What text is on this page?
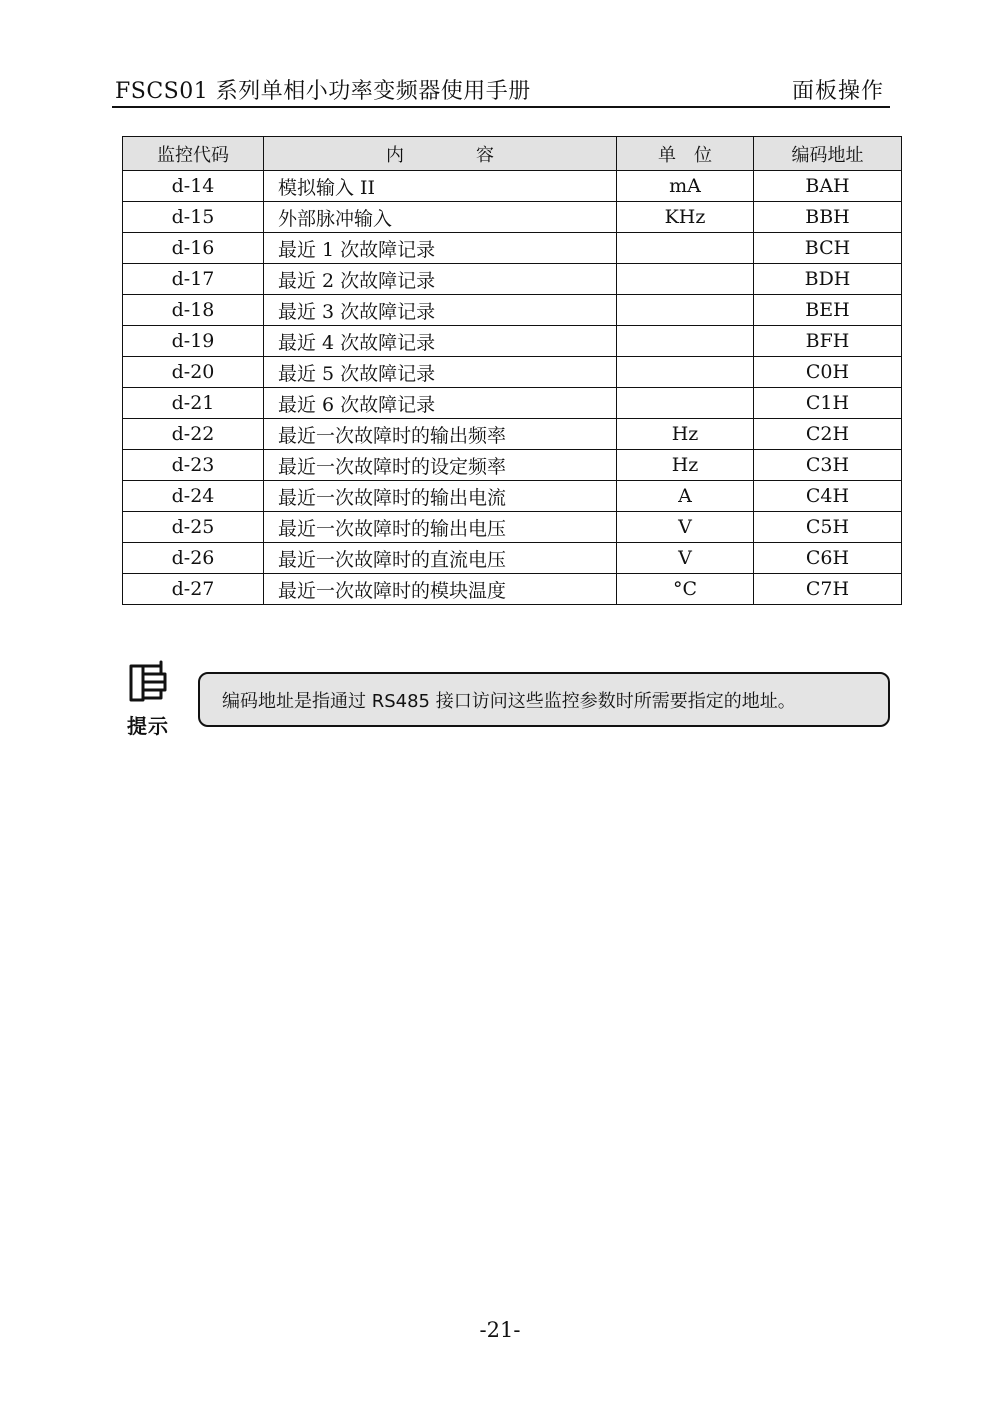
FSCS01 系列单相小功率变频器使用手册	面板操作
监控代码	内　　　　容	单　位	编码地址
d-14	模拟输入 II	mA	BAH
d-15	外部脉冲输入	KHz	BBH
d-16	最近 1 次故障记录		BCH
d-17	最近 2 次故障记录		BDH
d-18	最近 3 次故障记录		BEH
d-19	最近 4 次故障记录		BFH
d-20	最近 5 次故障记录		C0H
d-21	最近 6 次故障记录		C1H
d-22	最近一次故障时的输出频率	Hz	C2H
d-23	最近一次故障时的设定频率	Hz	C3H
d-24	最近一次故障时的输出电流	A	C4H
d-25	最近一次故障时的输出电压	V	C5H
d-26	最近一次故障时的直流电压	V	C6H
d-27	最近一次故障时的模块温度	°C	C7H
提示
编码地址是指通过 RS485 接口访问这些监控参数时所需要指定的地址。
-21-
